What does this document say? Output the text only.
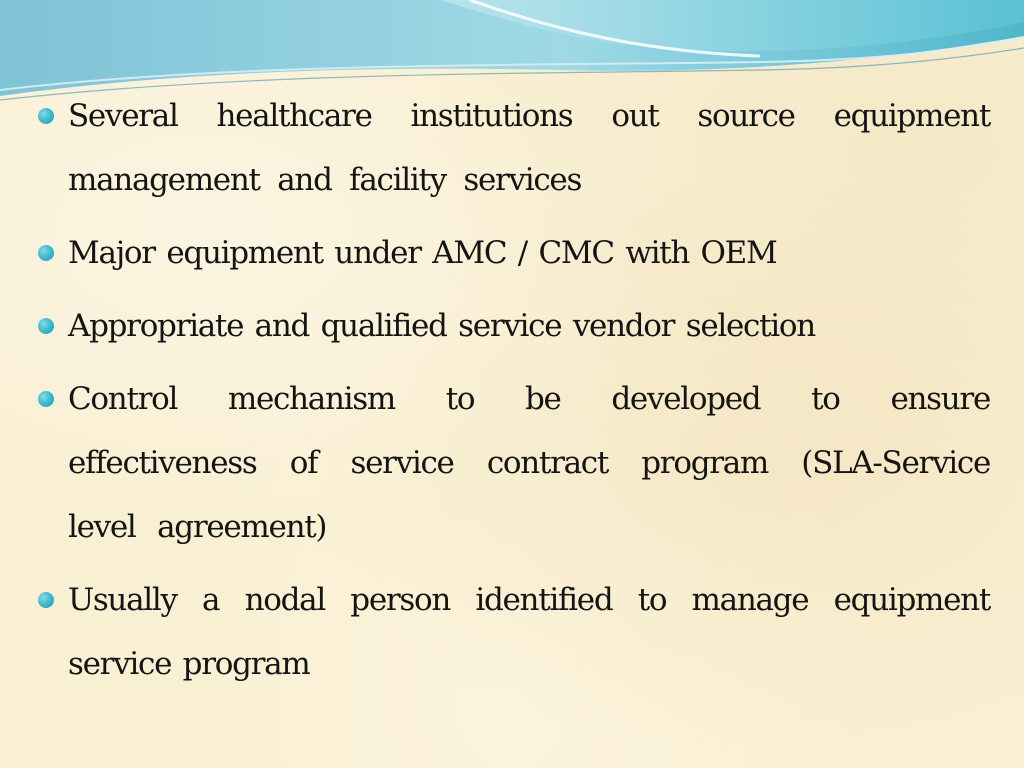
Several healthcare institutions out source equipment management and facility services
Major equipment under AMC / CMC with OEM
Appropriate and qualified service vendor selection
Control mechanism to be developed to ensure effectiveness of service contract program (SLA-Service level agreement)
Usually a nodal person identified to manage equipment service program
